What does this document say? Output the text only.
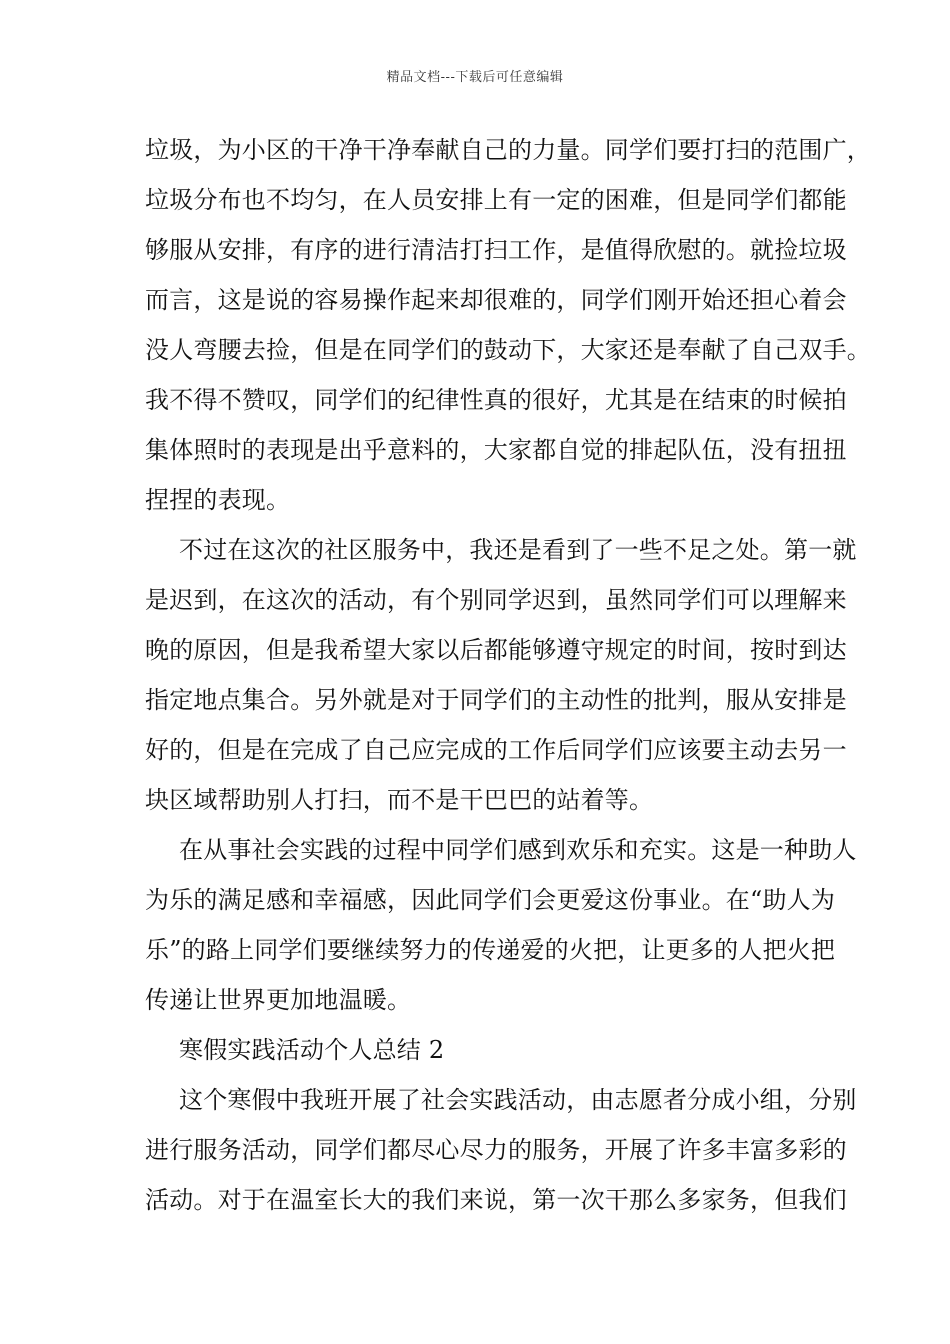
精品文档---下载后可任意编辑
垃圾，为小区的干净干净奉献自己的力量。同学们要打扫的范围广，
垃圾分布也不均匀，在人员安排上有一定的困难，但是同学们都能
够服从安排，有序的进行清洁打扫工作，是值得欣慰的。就捡垃圾
而言，这是说的容易操作起来却很难的，同学们刚开始还担心着会
没人弯腰去捡，但是在同学们的鼓动下，大家还是奉献了自己双手。
我不得不赞叹，同学们的纪律性真的很好，尤其是在结束的时候拍
集体照时的表现是出乎意料的，大家都自觉的排起队伍，没有扭扭
捏捏的表现。
不过在这次的社区服务中，我还是看到了一些不足之处。第一就
是迟到，在这次的活动，有个别同学迟到，虽然同学们可以理解来
晚的原因，但是我希望大家以后都能够遵守规定的时间，按时到达
指定地点集合。另外就是对于同学们的主动性的批判，服从安排是
好的，但是在完成了自己应完成的工作后同学们应该要主动去另一
块区域帮助别人打扫，而不是干巴巴的站着等。
在从事社会实践的过程中同学们感到欢乐和充实。这是一种助人
为乐的满足感和幸福感，因此同学们会更爱这份事业。在“助人为
乐”的路上同学们要继续努力的传递爱的火把，让更多的人把火把
传递让世界更加地温暖。
寒假实践活动个人总结 2
这个寒假中我班开展了社会实践活动，由志愿者分成小组，分别
进行服务活动，同学们都尽心尽力的服务，开展了许多丰富多彩的
活动。对于在温室长大的我们来说，第一次干那么多家务，但我们
